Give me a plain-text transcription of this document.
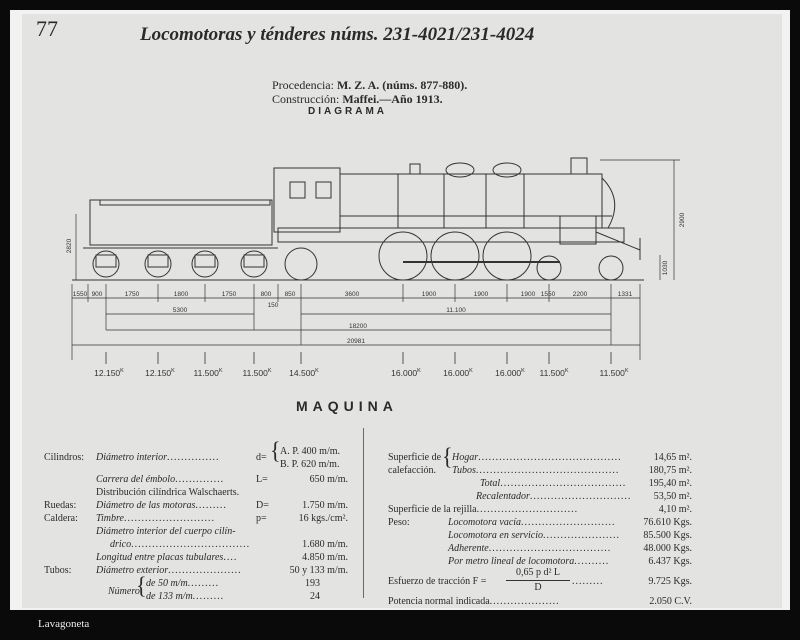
77	Locomotoras y ténderes núms. 231-4021/231-4024
Procedencia: M. Z. A. (núms. 877-880).
Construcción: Maffei.—Año 1913.
DIAGRAMA
2820
2900
1030
1550 900	1750	1800	1750	800 850	3600	1900	1900	1900 1550	2200	1331
150
5300	11.100
18200
20981
$12.150^K$	$12.150^K$ $11.500^K$ $11.500^K$ $14.500^K$	$16.000^K$	$16.000^K$	$16.000^K$ $11.500^K$	$11.500^K$
MAQUINA
Cilindros: Diámetro interior...............	d= { A. P. 400 m/m.
B. P. 620 m/m.
Carrera del émbolo..............	L=	650 m/m.
Distribución cilíndrica Walschaerts.
Ruedas: Diámetro de las motoras.........	D=	1.750 m/m.
Caldera: Timbre..........................	p=	16 kgs./cm².
Diámetro interior del cuerpo cilín-
drico..................................	1.680 m/m.
Longitud entre placas tubulares....	4.850 m/m.
Tubos: Diámetro exterior.....................	50 y 133 m/m.
Número
{ de 50 m/m.........	193
de 133 m/m.........	24
Superficie de
calefacción.
{ Hogar.........................................	14,65 m².
Tubos.........................................	180,75 m².
Total....................................	195,40 m².
Recalentador.............................	53,50 m².
Superficie de la rejilla.............................	4,10 m².
Peso:	Locomotora vacía...........................	76.610 Kgs.
Locomotora en servicio......................	85.500 Kgs.
Adherente...................................	48.000 Kgs.
Por metro lineal de locomotora..........	6.437 Kgs.
Esfuerzo de tracción F =
0,65 p d² L
D
.........	9.725 Kgs.
Potencia normal indicada....................	2.050 C.V.
Lavagoneta
